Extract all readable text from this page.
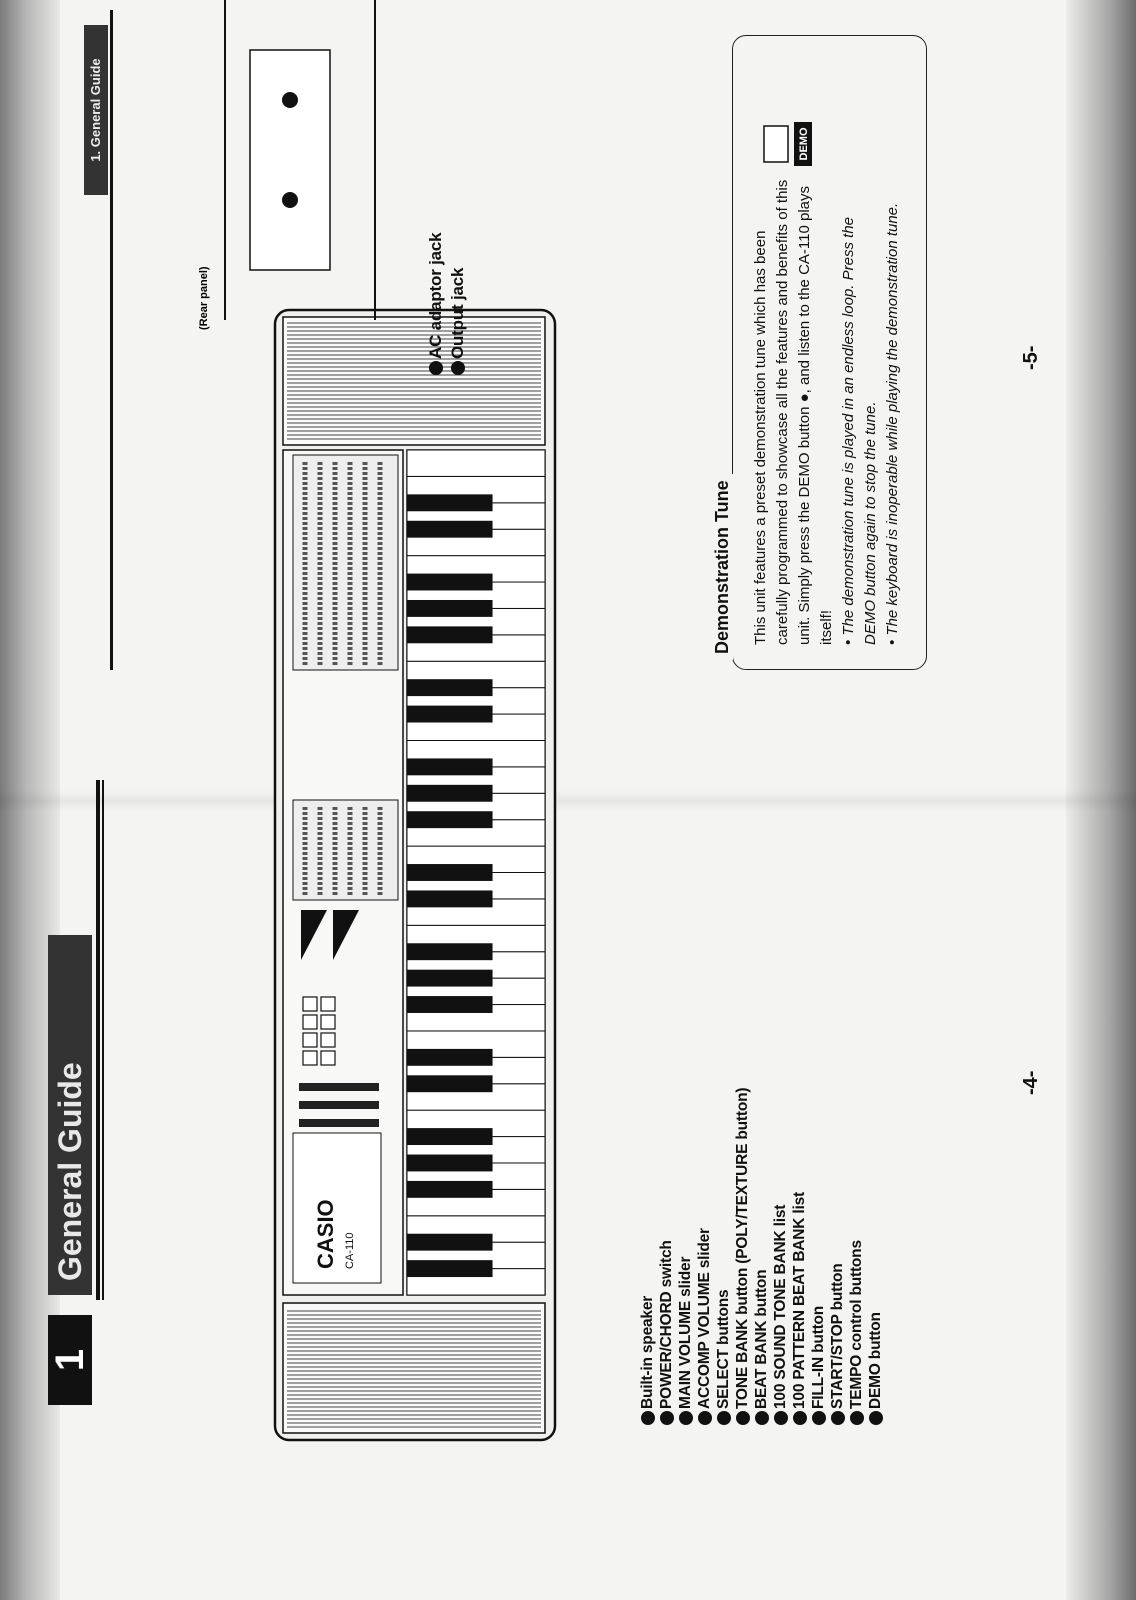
1
General Guide
1. General Guide
CASIO CA-110
-4-
-5-
Built-in speaker POWER/CHORD switch MAIN VOLUME slider ACCOMP VOLUME slider SELECT buttons TONE BANK button (POLY/TEXTURE button) BEAT BANK button 100 SOUND TONE BANK list 100 PATTERN BEAT BANK list FILL-IN button START/STOP button TEMPO control buttons DEMO button
(Rear panel)	AC adaptor jack Output jack
Demonstration Tune This unit features a preset demonstration tune which has been carefully programmed to showcase all the features and benefits of this unit. Simply press the DEMO button ●, and listen to the CA-110 plays itself! • The demonstration tune is played in an endless loop. Press the DEMO button again to stop the tune. • The keyboard is inoperable while playing the demonstration tune.

DEMO
